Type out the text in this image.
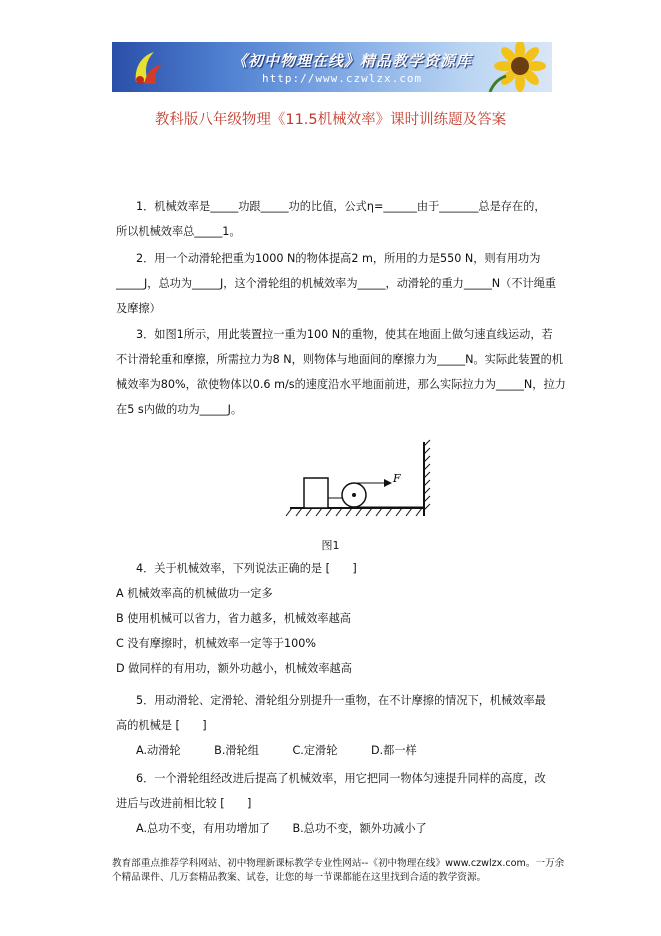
《初中物理在线》精品教学资源库
http://www.czwlzx.com
教科版八年级物理《11.5机械效率》课时训练题及答案
1．机械效率是_____功跟_____功的比值，公式η=______由于_______总是存在的，
所以机械效率总_____1。
2．用一个动滑轮把重为1000 N的物体提高2 m，所用的力是550 N，则有用功为
_____J，总功为_____J，这个滑轮组的机械效率为_____，动滑轮的重力_____N（不计绳重
及摩擦）
3．如图1所示，用此装置拉一重为100 N的重物，使其在地面上做匀速直线运动，若
不计滑轮重和摩擦，所需拉力为8 N，则物体与地面间的摩擦力为_____N。实际此装置的机
械效率为80%，欲使物体以0.6 m/s的速度沿水平地面前进，那么实际拉力为_____N，拉力
在5 s内做的功为_____J。
F
图1
4．关于机械效率，下列说法正确的是 [　　]
A 机械效率高的机械做功一定多
B 使用机械可以省力，省力越多，机械效率越高
C 没有摩擦时，机械效率一定等于100%
D 做同样的有用功，额外功越小，机械效率越高
5．用动滑轮、定滑轮、滑轮组分别提升一重物，在不计摩擦的情况下，机械效率最
高的机械是 [　　]
A.动滑轮　　　B.滑轮组　　　C.定滑轮　　　D.都一样
6．一个滑轮组经改进后提高了机械效率，用它把同一物体匀速提升同样的高度，改
进后与改进前相比较 [　　]
A.总功不变，有用功增加了　　B.总功不变，额外功减小了
教育部重点推荐学科网站、初中物理新课标教学专业性网站--《初中物理在线》www.czwlzx.com。一万余
个精品课件、几万套精品教案、试卷，让您的每一节课都能在这里找到合适的教学资源。
